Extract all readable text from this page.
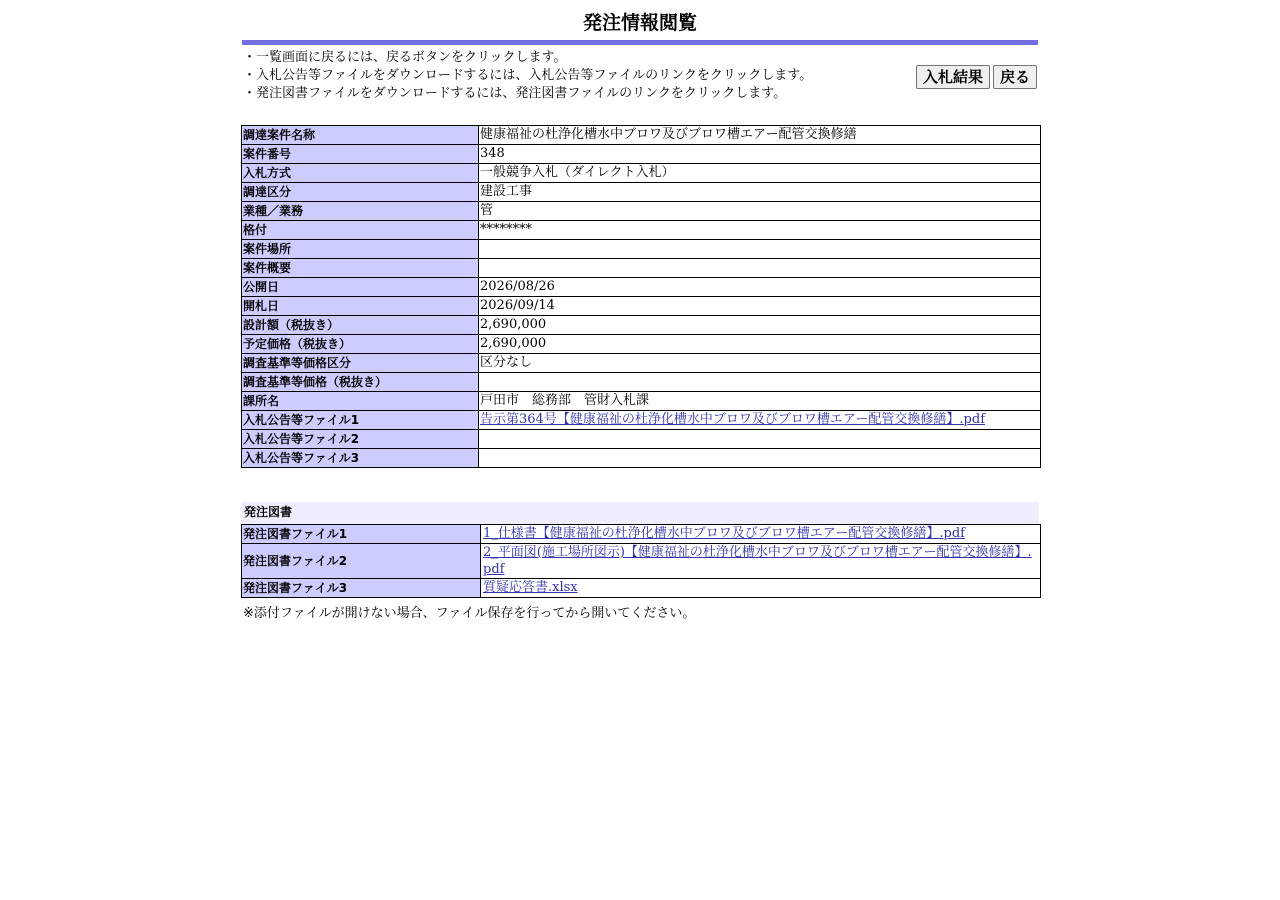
発注情報閲覧
・一覧画面に戻るには、戻るボタンをクリックします。
・入札公告等ファイルをダウンロードするには、入札公告等ファイルのリンクをクリックします。
・発注図書ファイルをダウンロードするには、発注図書ファイルのリンクをクリックします。
入札結果	戻る
調達案件名称	健康福祉の杜浄化槽水中ブロワ及びブロワ槽エアー配管交換修繕
案件番号	348
入札方式	一般競争入札（ダイレクト入札）
調達区分	建設工事
業種／業務	管
格付	********
案件場所	
案件概要	
公開日	2026/08/26
開札日	2026/09/14
設計額（税抜き）	2,690,000
予定価格（税抜き）	2,690,000
調査基準等価格区分	区分なし
調査基準等価格（税抜き）	
課所名	戸田市　総務部　管財入札課
入札公告等ファイル1	告示第364号【健康福祉の杜浄化槽水中ブロワ及びブロワ槽エアー配管交換修繕】.pdf
入札公告等ファイル2	
入札公告等ファイル3	
発注図書
発注図書ファイル1	1_仕様書【健康福祉の杜浄化槽水中ブロワ及びブロワ槽エアー配管交換修繕】.pdf
発注図書ファイル2	2_平面図(施工場所図示)【健康福祉の杜浄化槽水中ブロワ及びブロワ槽エアー配管交換修繕】.pdf
発注図書ファイル3	質疑応答書.xlsx
※添付ファイルが開けない場合、ファイル保存を行ってから開いてください。
